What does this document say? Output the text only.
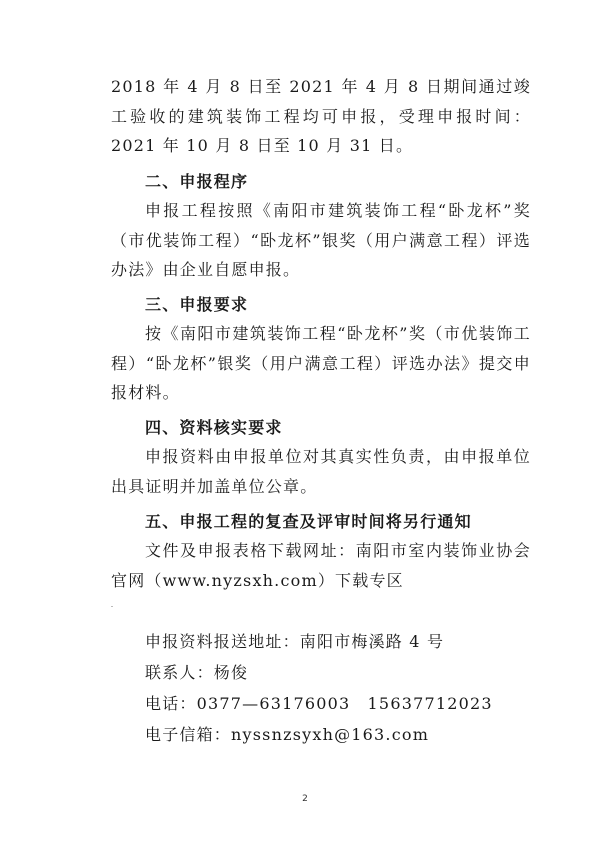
2018 年 4 月 8 日至 2021 年 4 月 8 日期间通过竣工验收的建筑装饰工程均可申报，受理申报时间：2021 年 10 月 8 日至 10 月 31 日。

二、申报程序

申报工程按照《南阳市建筑装饰工程“卧龙杯”奖（市优装饰工程）“卧龙杯”银奖（用户满意工程）评选办法》由企业自愿申报。

三、申报要求

按《南阳市建筑装饰工程“卧龙杯”奖（市优装饰工程）“卧龙杯”银奖（用户满意工程）评选办法》提交申报材料。

四、资料核实要求

申报资料由申报单位对其真实性负责，由申报单位出具证明并加盖单位公章。

五、申报工程的复查及评审时间将另行通知

文件及申报表格下载网址：南阳市室内装饰业协会官网（www.nyzsxh.com）下载专区

申报资料报送地址：南阳市梅溪路 4 号

联系人：杨俊

电话：0377—63176003　15637712023

电子信箱：nyssnzsyxh@163.com

2
